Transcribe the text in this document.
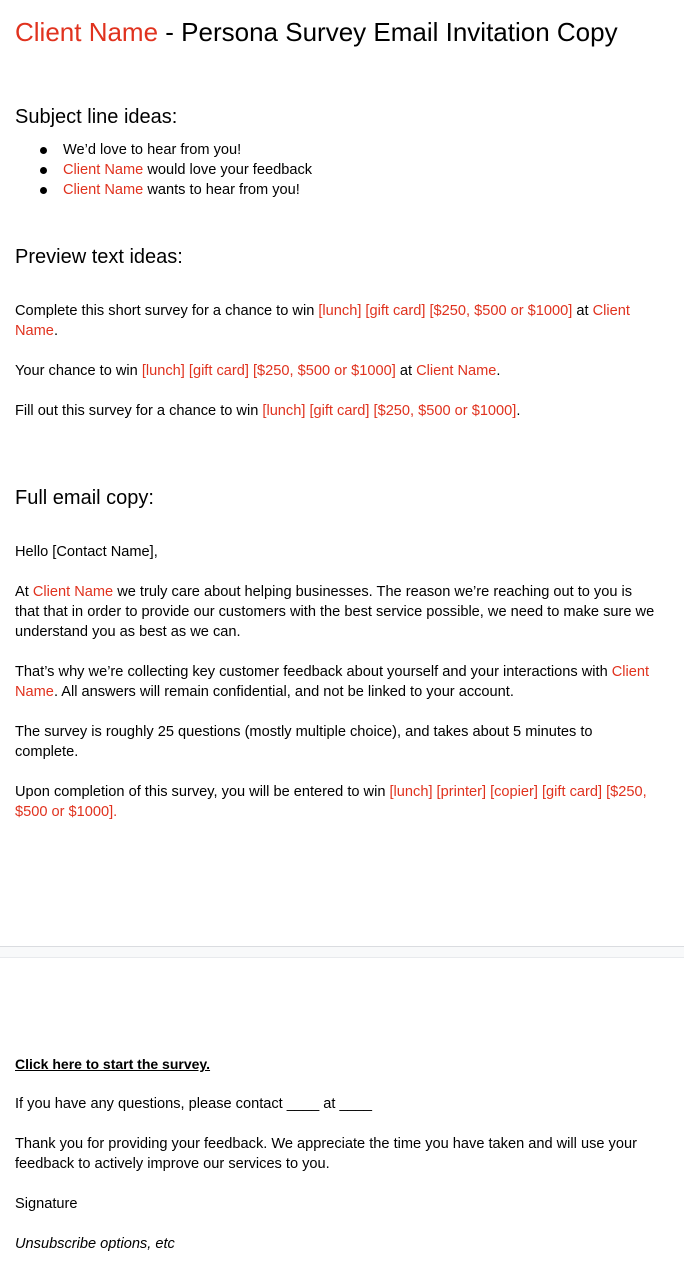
Client Name - Persona Survey Email Invitation Copy
Subject line ideas:
We’d love to hear from you!
Client Name would love your feedback
Client Name wants to hear from you!
Preview text ideas:
Complete this short survey for a chance to win [lunch] [gift card] [$250, $500 or $1000] at Client Name.
Your chance to win [lunch] [gift card] [$250, $500 or $1000] at Client Name.
Fill out this survey for a chance to win [lunch] [gift card] [$250, $500 or $1000].
Full email copy:
Hello [Contact Name],
At Client Name we truly care about helping businesses. The reason we’re reaching out to you is that that in order to provide our customers with the best service possible, we need to make sure we understand you as best as we can.
That’s why we’re collecting key customer feedback about yourself and your interactions with Client Name. All answers will remain confidential, and not be linked to your account.
The survey is roughly 25 questions (mostly multiple choice), and takes about 5 minutes to complete.
Upon completion of this survey, you will be entered to win [lunch] [printer] [copier] [gift card] [$250, $500 or $1000].
Click here to start the survey.
If you have any questions, please contact ____ at ____
Thank you for providing your feedback. We appreciate the time you have taken and will use your feedback to actively improve our services to you.
Signature
Unsubscribe options, etc
